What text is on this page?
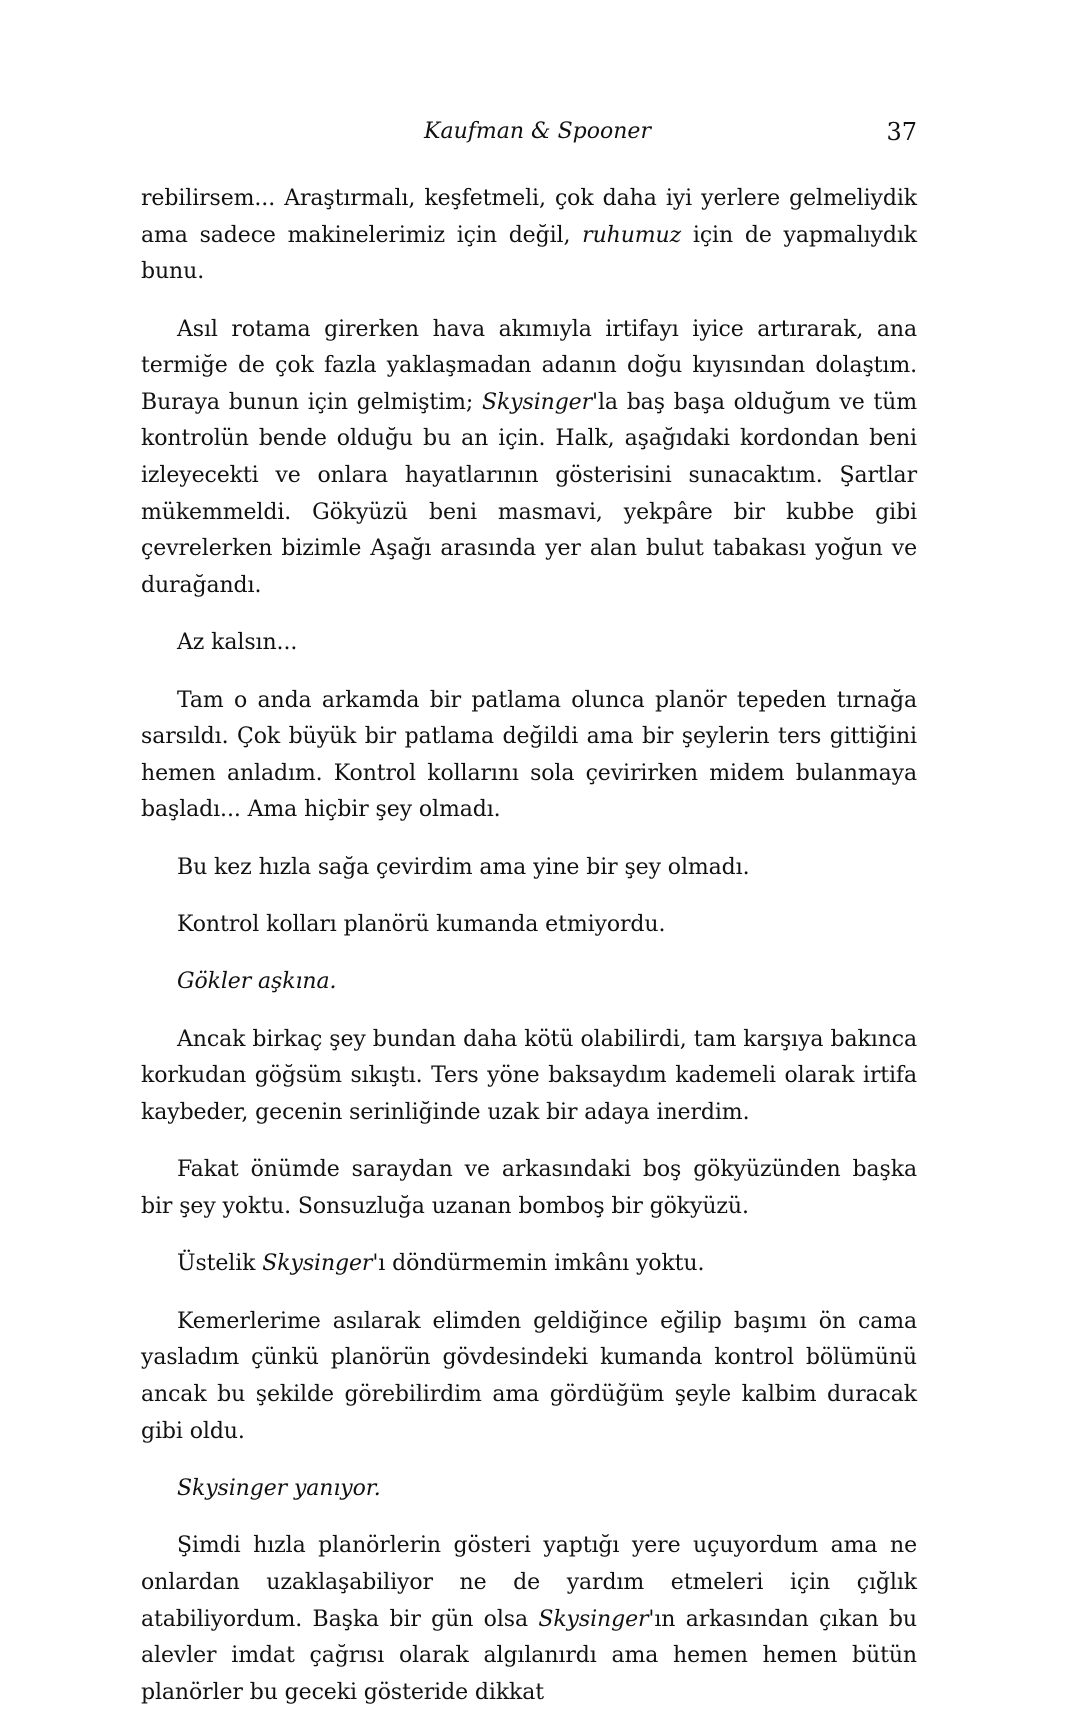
Kaufman & Spooner	37

rebilirsem... Araştırmalı, keşfetmeli, çok daha iyi yerlere gelmeliydik ama sadece makinelerimiz için değil, ruhumuz için de yapmalıydık bunu.

Asıl rotama girerken hava akımıyla irtifayı iyice artırarak, ana termiğe de çok fazla yaklaşmadan adanın doğu kıyısından dolaştım. Buraya bunun için gelmiştim; Skysinger'la baş başa olduğum ve tüm kontrolün bende olduğu bu an için. Halk, aşağıdaki kordondan beni izleyecekti ve onlara hayatlarının gösterisini sunacaktım. Şartlar mükemmeldi. Gökyüzü beni masmavi, yekpâre bir kubbe gibi çevrelerken bizimle Aşağı arasında yer alan bulut tabakası yoğun ve durağandı.

Az kalsın...

Tam o anda arkamda bir patlama olunca planör tepeden tırnağa sarsıldı. Çok büyük bir patlama değildi ama bir şeylerin ters gittiğini hemen anladım. Kontrol kollarını sola çevirirken midem bulanmaya başladı... Ama hiçbir şey olmadı.

Bu kez hızla sağa çevirdim ama yine bir şey olmadı.

Kontrol kolları planörü kumanda etmiyordu.

Gökler aşkına.

Ancak birkaç şey bundan daha kötü olabilirdi, tam karşıya bakınca korkudan göğsüm sıkıştı. Ters yöne baksaydım kademeli olarak irtifa kaybeder, gecenin serinliğinde uzak bir adaya inerdim.

Fakat önümde saraydan ve arkasındaki boş gökyüzünden başka bir şey yoktu. Sonsuzluğa uzanan bomboş bir gökyüzü.

Üstelik Skysinger'ı döndürmemin imkânı yoktu.

Kemerlerime asılarak elimden geldiğince eğilip başımı ön cama yasladım çünkü planörün gövdesindeki kumanda kontrol bölümünü ancak bu şekilde görebilirdim ama gördüğüm şeyle kalbim duracak gibi oldu.

Skysinger yanıyor.

Şimdi hızla planörlerin gösteri yaptığı yere uçuyordum ama ne onlardan uzaklaşabiliyor ne de yardım etmeleri için çığlık atabiliyordum. Başka bir gün olsa Skysinger'ın arkasından çıkan bu alevler imdat çağrısı olarak algılanırdı ama hemen hemen bütün planörler bu geceki gösteride dikkat
